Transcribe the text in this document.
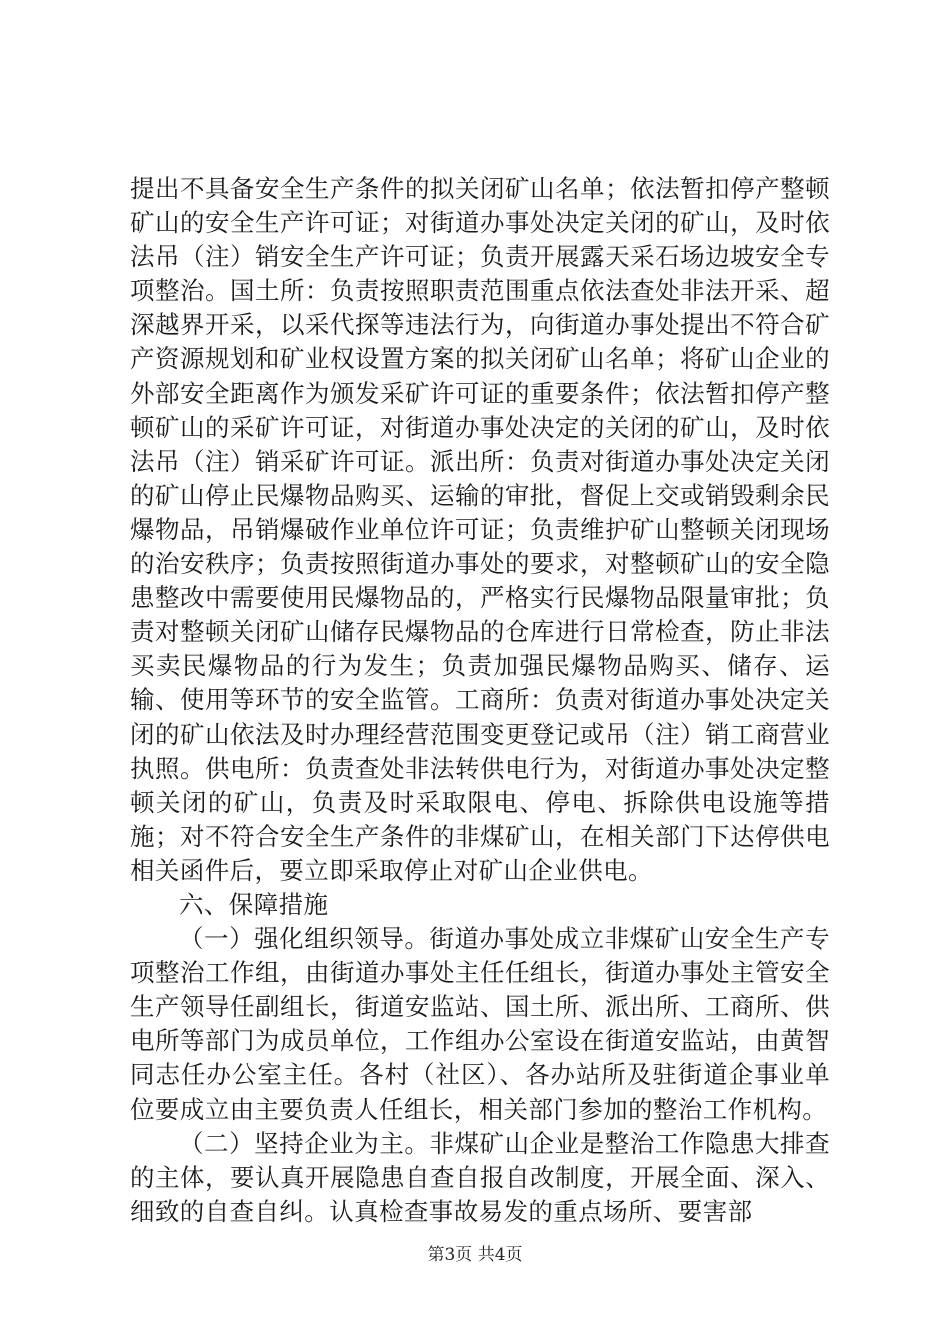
提出不具备安全生产条件的拟关闭矿山名单；依法暂扣停产整顿矿山的安全生产许可证；对街道办事处决定关闭的矿山，及时依法吊（注）销安全生产许可证；负责开展露天采石场边坡安全专项整治。国土所：负责按照职责范围重点依法查处非法开采、超深越界开采，以采代探等违法行为，向街道办事处提出不符合矿产资源规划和矿业权设置方案的拟关闭矿山名单；将矿山企业的外部安全距离作为颁发采矿许可证的重要条件；依法暂扣停产整顿矿山的采矿许可证，对街道办事处决定的关闭的矿山，及时依法吊（注）销采矿许可证。派出所：负责对街道办事处决定关闭的矿山停止民爆物品购买、运输的审批，督促上交或销毁剩余民爆物品，吊销爆破作业单位许可证；负责维护矿山整顿关闭现场的治安秩序；负责按照街道办事处的要求，对整顿矿山的安全隐患整改中需要使用民爆物品的，严格实行民爆物品限量审批；负责对整顿关闭矿山储存民爆物品的仓库进行日常检查，防止非法买卖民爆物品的行为发生；负责加强民爆物品购买、储存、运输、使用等环节的安全监管。工商所：负责对街道办事处决定关闭的矿山依法及时办理经营范围变更登记或吊（注）销工商营业执照。供电所：负责查处非法转供电行为，对街道办事处决定整顿关闭的矿山，负责及时采取限电、停电、拆除供电设施等措施；对不符合安全生产条件的非煤矿山，在相关部门下达停供电相关函件后，要立即采取停止对矿山企业供电。

六、保障措施

（一）强化组织领导。街道办事处成立非煤矿山安全生产专项整治工作组，由街道办事处主任任组长，街道办事处主管安全生产领导任副组长，街道安监站、国土所、派出所、工商所、供电所等部门为成员单位，工作组办公室设在街道安监站，由黄智同志任办公室主任。各村（社区）、各办站所及驻街道企事业单位要成立由主要负责人任组长，相关部门参加的整治工作机构。

（二）坚持企业为主。非煤矿山企业是整治工作隐患大排查的主体，要认真开展隐患自查自报自改制度，开展全面、深入、细致的自查自纠。认真检查事故易发的重点场所、要害部

第3页 共4页
